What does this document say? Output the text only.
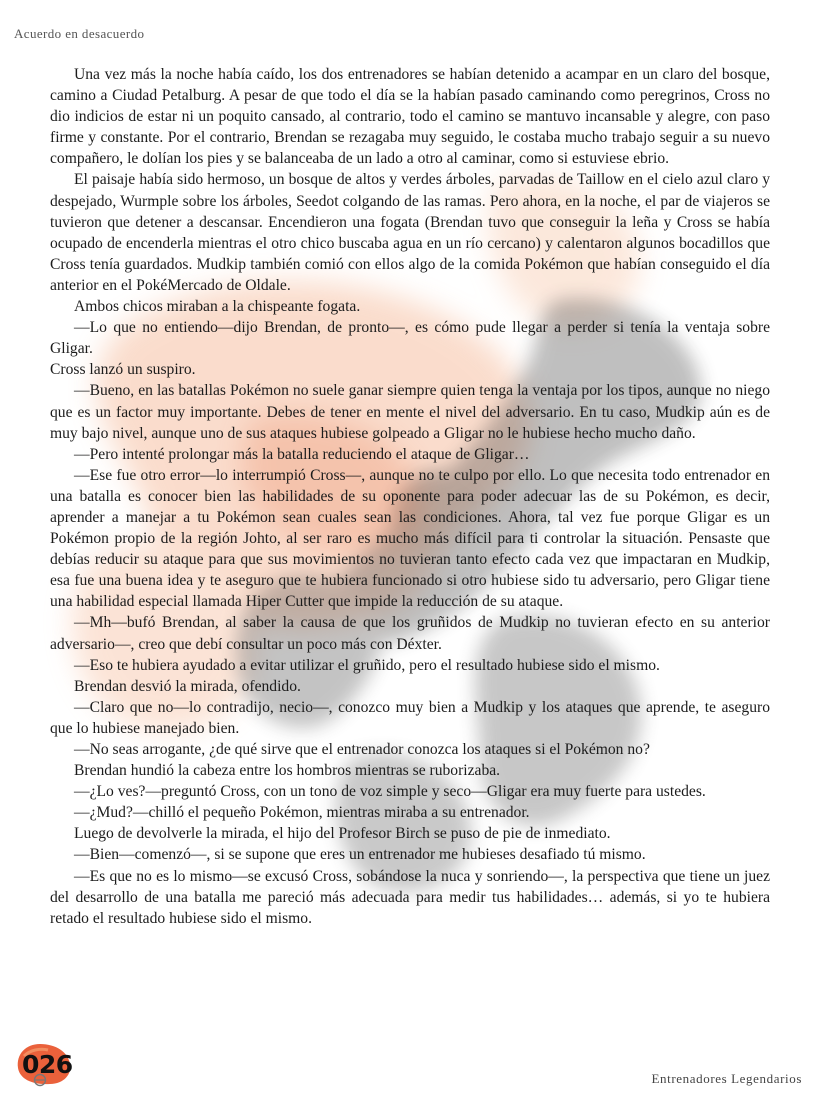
Acuerdo en desacuerdo

Una vez más la noche había caído, los dos entrenadores se habían detenido a acampar en un claro del bosque, camino a Ciudad Petalburg. A pesar de que todo el día se la habían pasado caminando como peregrinos, Cross no dio indicios de estar ni un poquito cansado, al contrario, todo el camino se mantuvo incansable y alegre, con paso firme y constante. Por el contrario, Brendan se rezagaba muy seguido, le costaba mucho trabajo seguir a su nuevo compañero, le dolían los pies y se balanceaba de un lado a otro al caminar, como si estuviese ebrio.

El paisaje había sido hermoso, un bosque de altos y verdes árboles, parvadas de Taillow en el cielo azul claro y despejado, Wurmple sobre los árboles, Seedot colgando de las ramas. Pero ahora, en la noche, el par de viajeros se tuvieron que detener a descansar. Encendieron una fogata (Brendan tuvo que conseguir la leña y Cross se había ocupado de encenderla mientras el otro chico buscaba agua en un río cercano) y calentaron algunos bocadillos que Cross tenía guardados. Mudkip también comió con ellos algo de la comida Pokémon que habían conseguido el día anterior en el PokéMercado de Oldale.

Ambos chicos miraban a la chispeante fogata.

—Lo que no entiendo—dijo Brendan, de pronto—, es cómo pude llegar a perder si tenía la ventaja sobre Gligar.

Cross lanzó un suspiro.

—Bueno, en las batallas Pokémon no suele ganar siempre quien tenga la ventaja por los tipos, aunque no niego que es un factor muy importante. Debes de tener en mente el nivel del adversario. En tu caso, Mudkip aún es de muy bajo nivel, aunque uno de sus ataques hubiese golpeado a Gligar no le hubiese hecho mucho daño.

—Pero intenté prolongar más la batalla reduciendo el ataque de Gligar…

—Ese fue otro error—lo interrumpió Cross—, aunque no te culpo por ello. Lo que necesita todo entrenador en una batalla es conocer bien las habilidades de su oponente para poder adecuar las de su Pokémon, es decir, aprender a manejar a tu Pokémon sean cuales sean las condiciones. Ahora, tal vez fue porque Gligar es un Pokémon propio de la región Johto, al ser raro es mucho más difícil para ti controlar la situación. Pensaste que debías reducir su ataque para que sus movimientos no tuvieran tanto efecto cada vez que impactaran en Mudkip, esa fue una buena idea y te aseguro que te hubiera funcionado si otro hubiese sido tu adversario, pero Gligar tiene una habilidad especial llamada Hiper Cutter que impide la reducción de su ataque.

—Mh—bufó Brendan, al saber la causa de que los gruñidos de Mudkip no tuvieran efecto en su anterior adversario—, creo que debí consultar un poco más con Déxter.

—Eso te hubiera ayudado a evitar utilizar el gruñido, pero el resultado hubiese sido el mismo.

Brendan desvió la mirada, ofendido.

—Claro que no—lo contradijo, necio—, conozco muy bien a Mudkip y los ataques que aprende, te aseguro que lo hubiese manejado bien.

—No seas arrogante, ¿de qué sirve que el entrenador conozca los ataques si el Pokémon no?

Brendan hundió la cabeza entre los hombros mientras se ruborizaba.

—¿Lo ves?—preguntó Cross, con un tono de voz simple y seco—Gligar era muy fuerte para ustedes.

—¿Mud?—chilló el pequeño Pokémon, mientras miraba a su entrenador.

Luego de devolverle la mirada, el hijo del Profesor Birch se puso de pie de inmediato.

—Bien—comenzó—, si se supone que eres un entrenador me hubieses desafiado tú mismo.

—Es que no es lo mismo—se excusó Cross, sobándose la nuca y sonriendo—, la perspectiva que tiene un juez del desarrollo de una batalla me pareció más adecuada para medir tus habilidades… además, si yo te hubiera retado el resultado hubiese sido el mismo.

026	Entrenadores Legendarios
